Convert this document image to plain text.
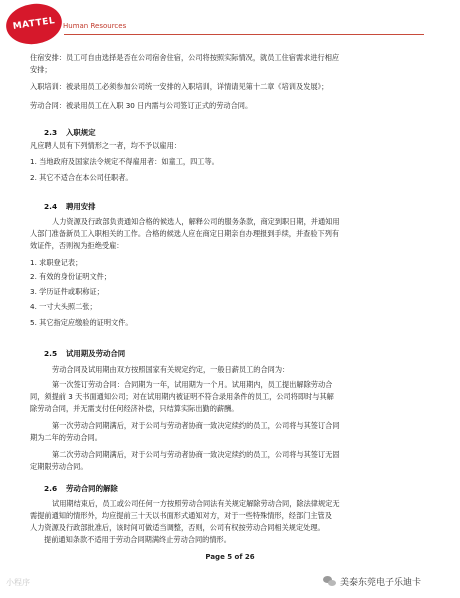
MATTEL Human Resources
住宿安排：员工可自由选择是否在公司宿舍住宿，公司将按照实际情况，就员工住宿需求进行相应
安排；
入职培训：被录用员工必须参加公司统一安排的入职培训，详情请见第十二章《培训及发展》；
劳动合同：被录用员工在入职 30 日内需与公司签订正式的劳动合同。
2.3 入职规定
凡应聘人员有下列情形之一者，均不予以雇用：
1. 当地政府及国家法令规定不得雇用者：如童工，四工等。
2. 其它不适合在本公司任职者。
2.4 聘用安排
人力资源及行政部负责通知合格的候选人，解释公司的服务条款，商定到职日期，并通知用
人部门准备新员工入职相关的工作。合格的候选人应在商定日期亲自办理报到手续，并查验下列有
效证件，否则视为拒绝受雇：
1. 求职登记表；
2. 有效的身份证明文件；
3. 学历证件或职称证；
4. 一寸大头照二张；
5. 其它指定应缴验的证明文件。
2.5 试用期及劳动合同
劳动合同及试用期由双方按照国家有关规定约定，一般日薪员工的合同为：
第一次签订劳动合同：合同期为一年，试用期为一个月。试用期内，员工提出解除劳动合
同，须提前 3 天书面通知公司；对在试用期内被证明不符合录用条件的员工，公司将即时与其解
除劳动合同，并无需支付任何经济补偿，只结算实际出勤的薪酬。
第一次劳动合同期满后，对于公司与劳动者协商一致决定续约的员工，公司将与其签订合同
期为二年的劳动合同。
第二次劳动合同期满后，对于公司与劳动者协商一致决定续约的员工，公司将与其签订无固
定期限劳动合同。
2.6 劳动合同的解除
试用期结束后，员工或公司任何一方按照劳动合同法有关规定解除劳动合同，除法律规定无
需提前通知的情形外，均应提前三十天以书面形式通知对方，对于一些特殊情形，经部门主管及
人力资源及行政部批准后，该时间可做适当调整，否则，公司有权按劳动合同相关规定处理。
提前通知条款不适用于劳动合同期满终止劳动合同的情形。
Page 5 of 26
小程序	美泰东莞电子乐迪卡
